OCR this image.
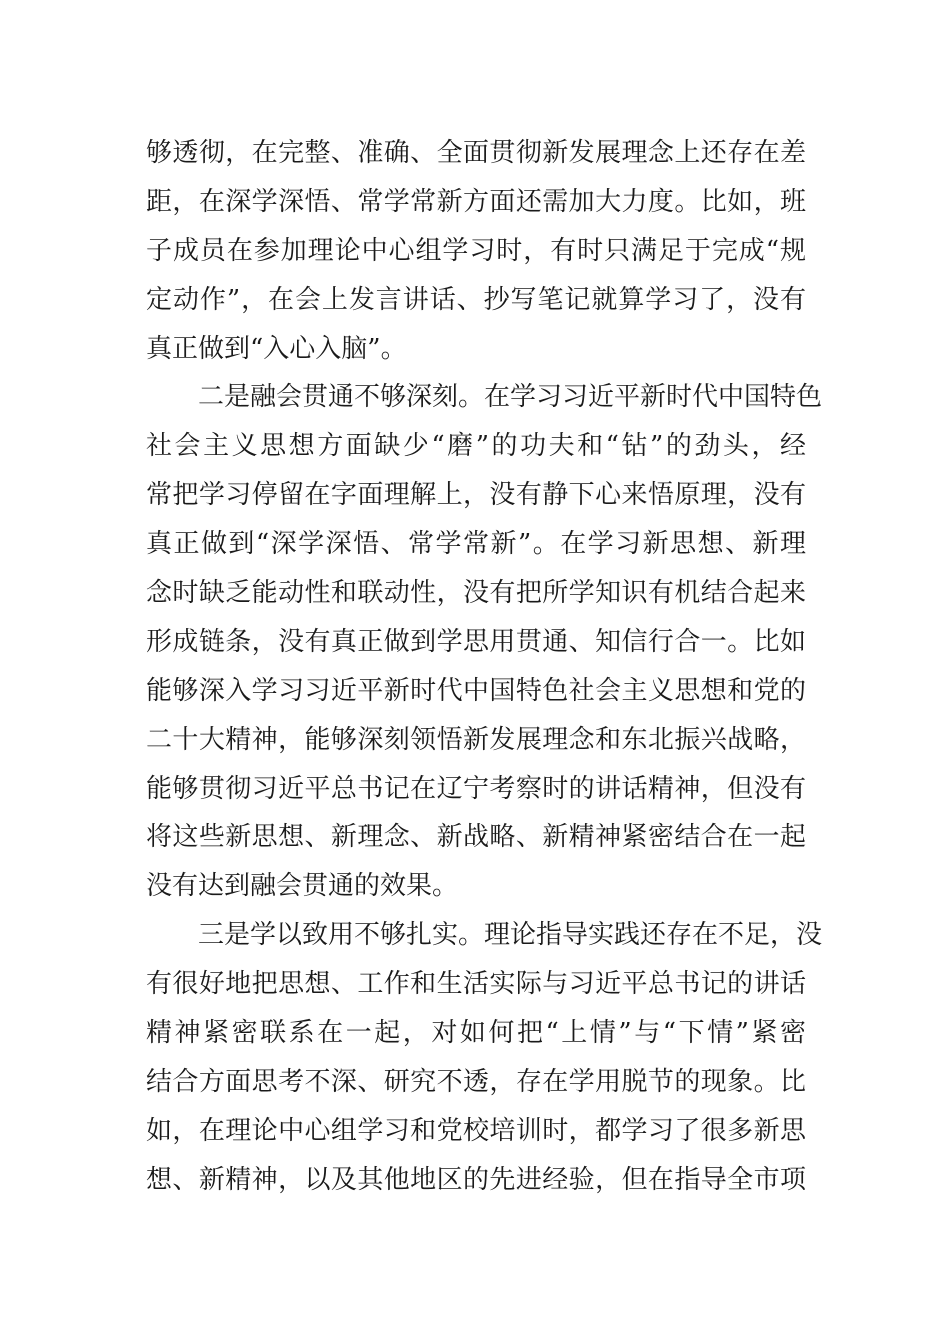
够透彻，在完整、准确、全面贯彻新发展理念上还存在差
距，在深学深悟、常学常新方面还需加大力度。比如，班
子成员在参加理论中心组学习时，有时只满足于完成“规
定动作”，在会上发言讲话、抄写笔记就算学习了，没有
真正做到“入心入脑”。
　　二是融会贯通不够深刻。在学习习近平新时代中国特色
社会主义思想方面缺少“磨”的功夫和“钻”的劲头，经
常把学习停留在字面理解上，没有静下心来悟原理，没有
真正做到“深学深悟、常学常新”。在学习新思想、新理
念时缺乏能动性和联动性，没有把所学知识有机结合起来
形成链条，没有真正做到学思用贯通、知信行合一。比如
能够深入学习习近平新时代中国特色社会主义思想和党的
二十大精神，能够深刻领悟新发展理念和东北振兴战略，
能够贯彻习近平总书记在辽宁考察时的讲话精神，但没有
将这些新思想、新理念、新战略、新精神紧密结合在一起
没有达到融会贯通的效果。
　　三是学以致用不够扎实。理论指导实践还存在不足，没
有很好地把思想、工作和生活实际与习近平总书记的讲话
精神紧密联系在一起，对如何把“上情”与“下情”紧密
结合方面思考不深、研究不透，存在学用脱节的现象。比
如，在理论中心组学习和党校培训时，都学习了很多新思
想、新精神，以及其他地区的先进经验，但在指导全市项
